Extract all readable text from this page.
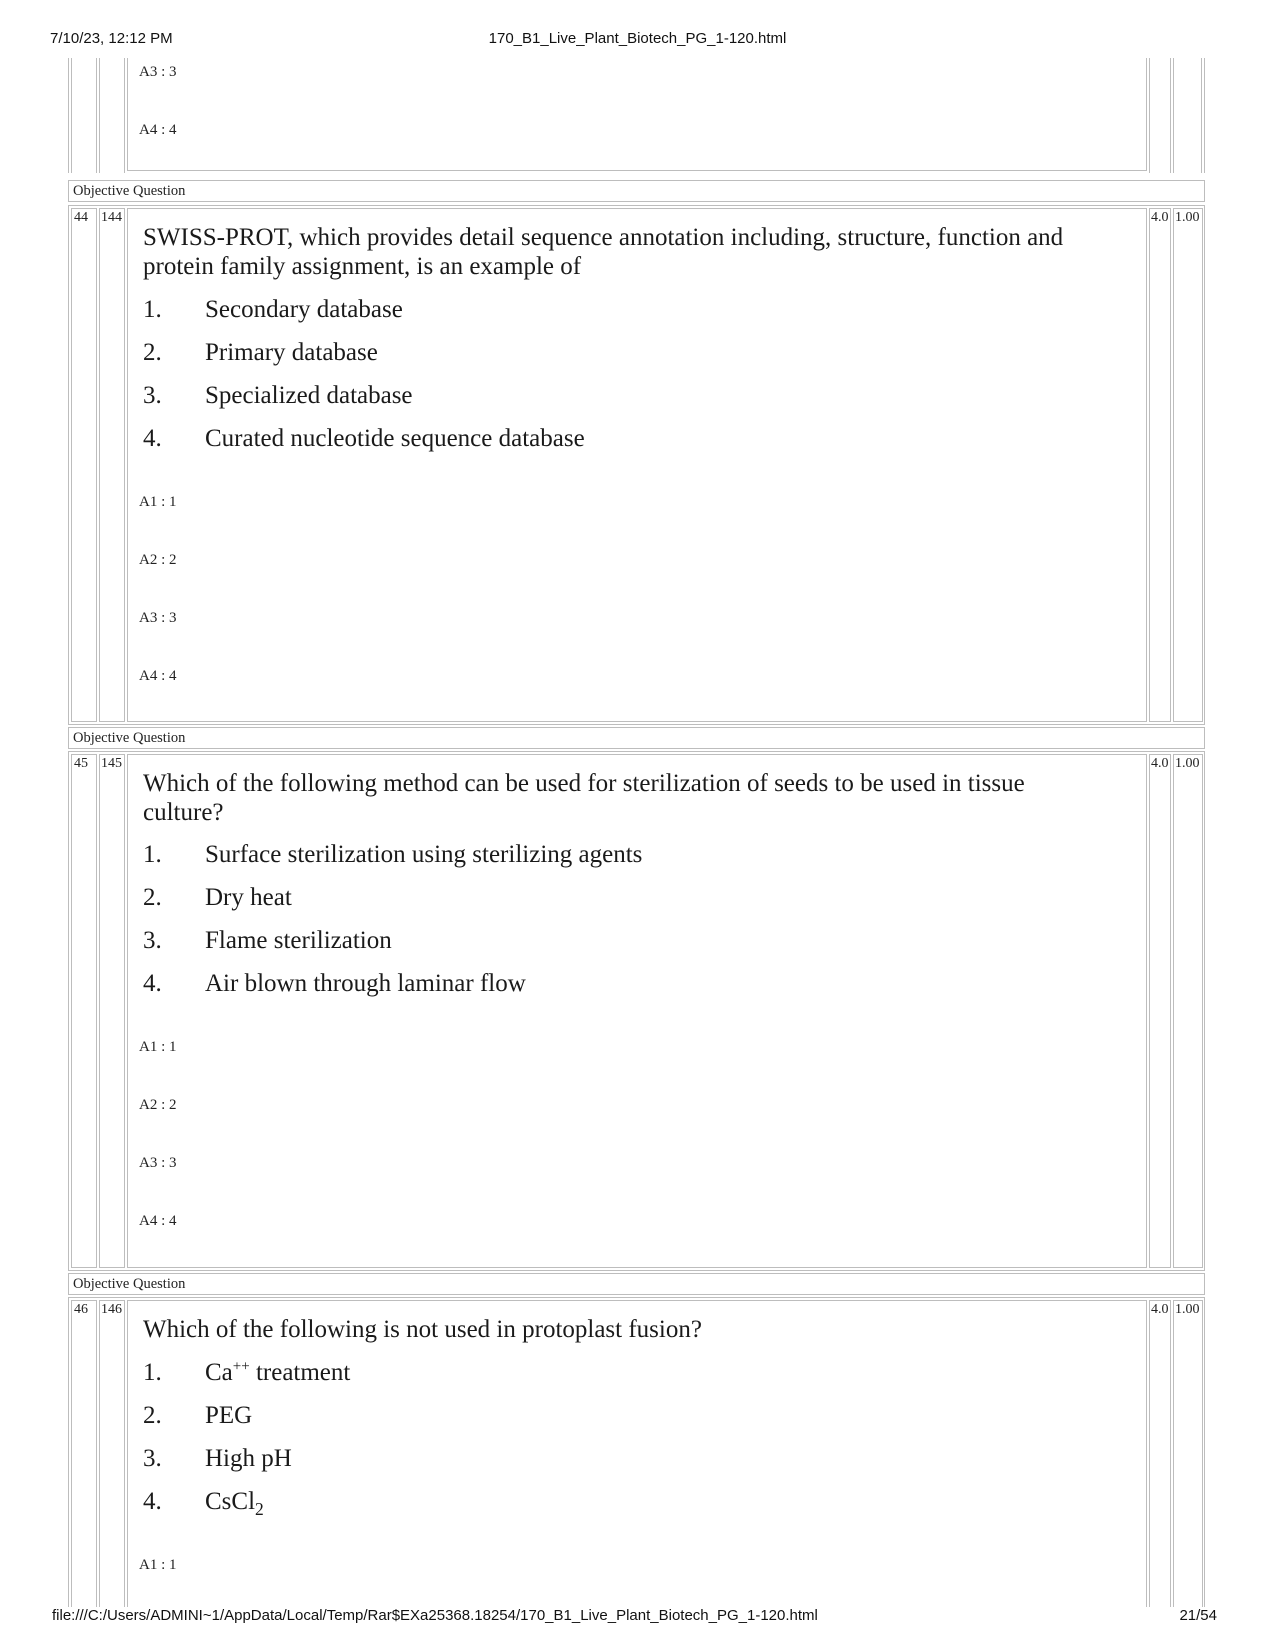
7/10/23, 12:12 PM	170_B1_Live_Plant_Biotech_PG_1-120.html
A3 : 3
A4 : 4
Objective Question
44 144	4.0 1.00
SWISS-PROT, which provides detail sequence annotation including, structure, function and protein family assignment, is an example of
1. Secondary database
2. Primary database
3. Specialized database
4. Curated nucleotide sequence database
A1 : 1
A2 : 2
A3 : 3
A4 : 4
Objective Question
45 145	4.0 1.00
Which of the following method can be used for sterilization of seeds to be used in tissue culture?
1. Surface sterilization using sterilizing agents
2. Dry heat
3. Flame sterilization
4. Air blown through laminar flow
A1 : 1
A2 : 2
A3 : 3
A4 : 4
Objective Question
46 146	4.0 1.00
Which of the following is not used in protoplast fusion?
1. Ca++ treatment
2. PEG
3. High pH
4. CsCl$_2$
A1 : 1
file:///C:/Users/ADMINI~1/AppData/Local/Temp/Rar$EXa25368.18254/170_B1_Live_Plant_Biotech_PG_1-120.html	21/54
